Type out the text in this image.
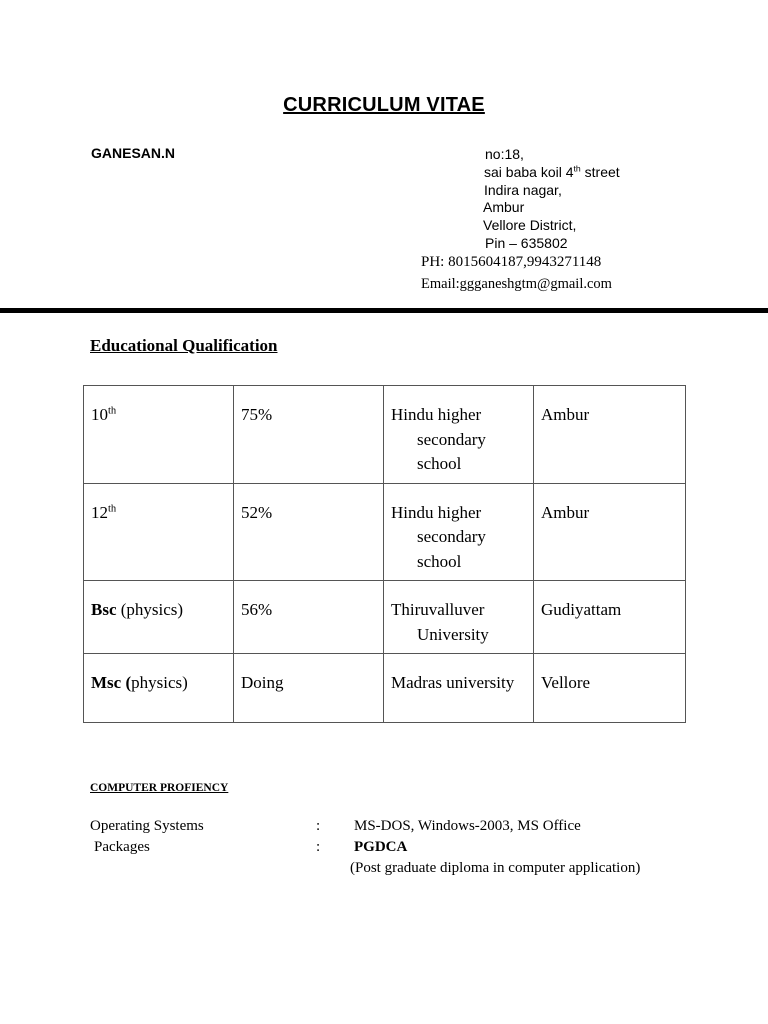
CURRICULUM VITAE
GANESAN.N	no:18,
sai baba koil 4th street
Indira nagar,
Ambur
Vellore District,
Pin – 635802
PH: 8015604187,9943271148
Email:ggganeshgtm@gmail.com
Educational Qualification
10th	75%	Hindu higher secondary school	Ambur
12th	52%	Hindu higher secondary school	Ambur
Bsc (physics)	56%	Thiruvalluver University	Gudiyattam
Msc (physics)	Doing	Madras university	Vellore
COMPUTER PROFIENCY
Operating Systems	: MS-DOS, Windows-2003, MS Office
Packages	: PGDCA
(Post graduate diploma in computer application)
